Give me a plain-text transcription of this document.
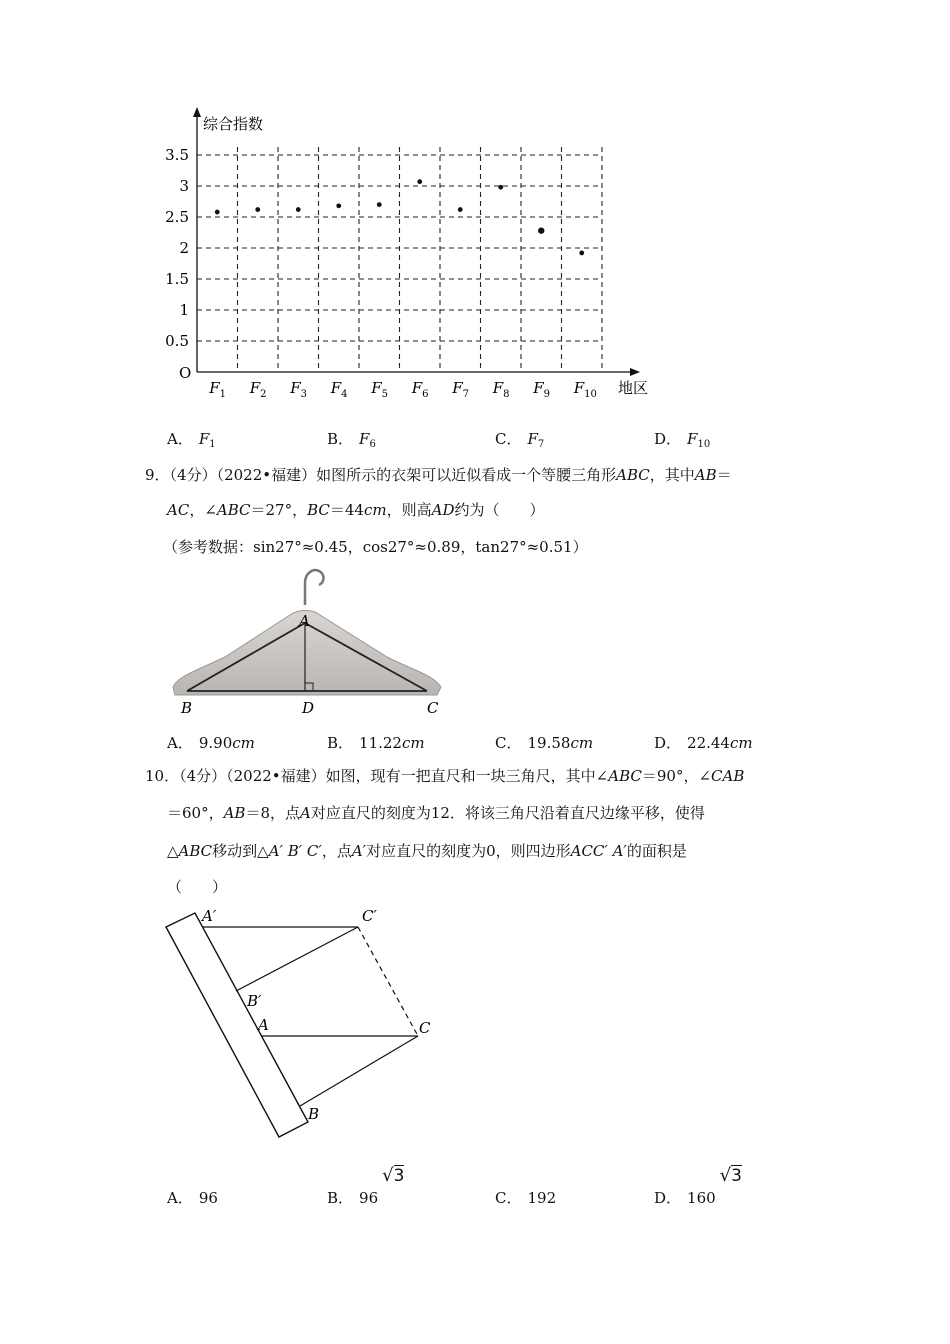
0.5
1
1.5
2
2.5
3
3.5
$F_1$ $F_2$ $F_3$ $F_4$ $F_5$ $F_6$ $F_7$ $F_8$ $F_9$ $F_{10}$
综合指数
地区
O
A． $F_1$	B． $F_6$	C． $F_7$	D． $F_{10}$
9．（4分）（2022•福建）如图所示的衣架可以近似看成一个等腰三角形ABC，其中AB＝
AC，∠ABC＝27°，BC＝44cm，则高AD约为（　　）
（参考数据：sin27°≈0.45，cos27°≈0.89，tan27°≈0.51）
A
B	D	C
A． 9.90cm	B． 11.22cm	C． 19.58cm	D． 22.44cm
10．（4分）（2022•福建）如图，现有一把直尺和一块三角尺，其中∠ABC＝90°，∠CAB
＝60°，AB＝8，点A对应直尺的刻度为12．将该三角尺沿着直尺边缘平移，使得
△ABC移动到△A′ B′ C′，点A′对应直尺的刻度为0，则四边形ACC′ A′的面积是
（　　）
A′	C′
B′
A	C
B
A． 96	B． 96√3
C． 192	D． 160√3
